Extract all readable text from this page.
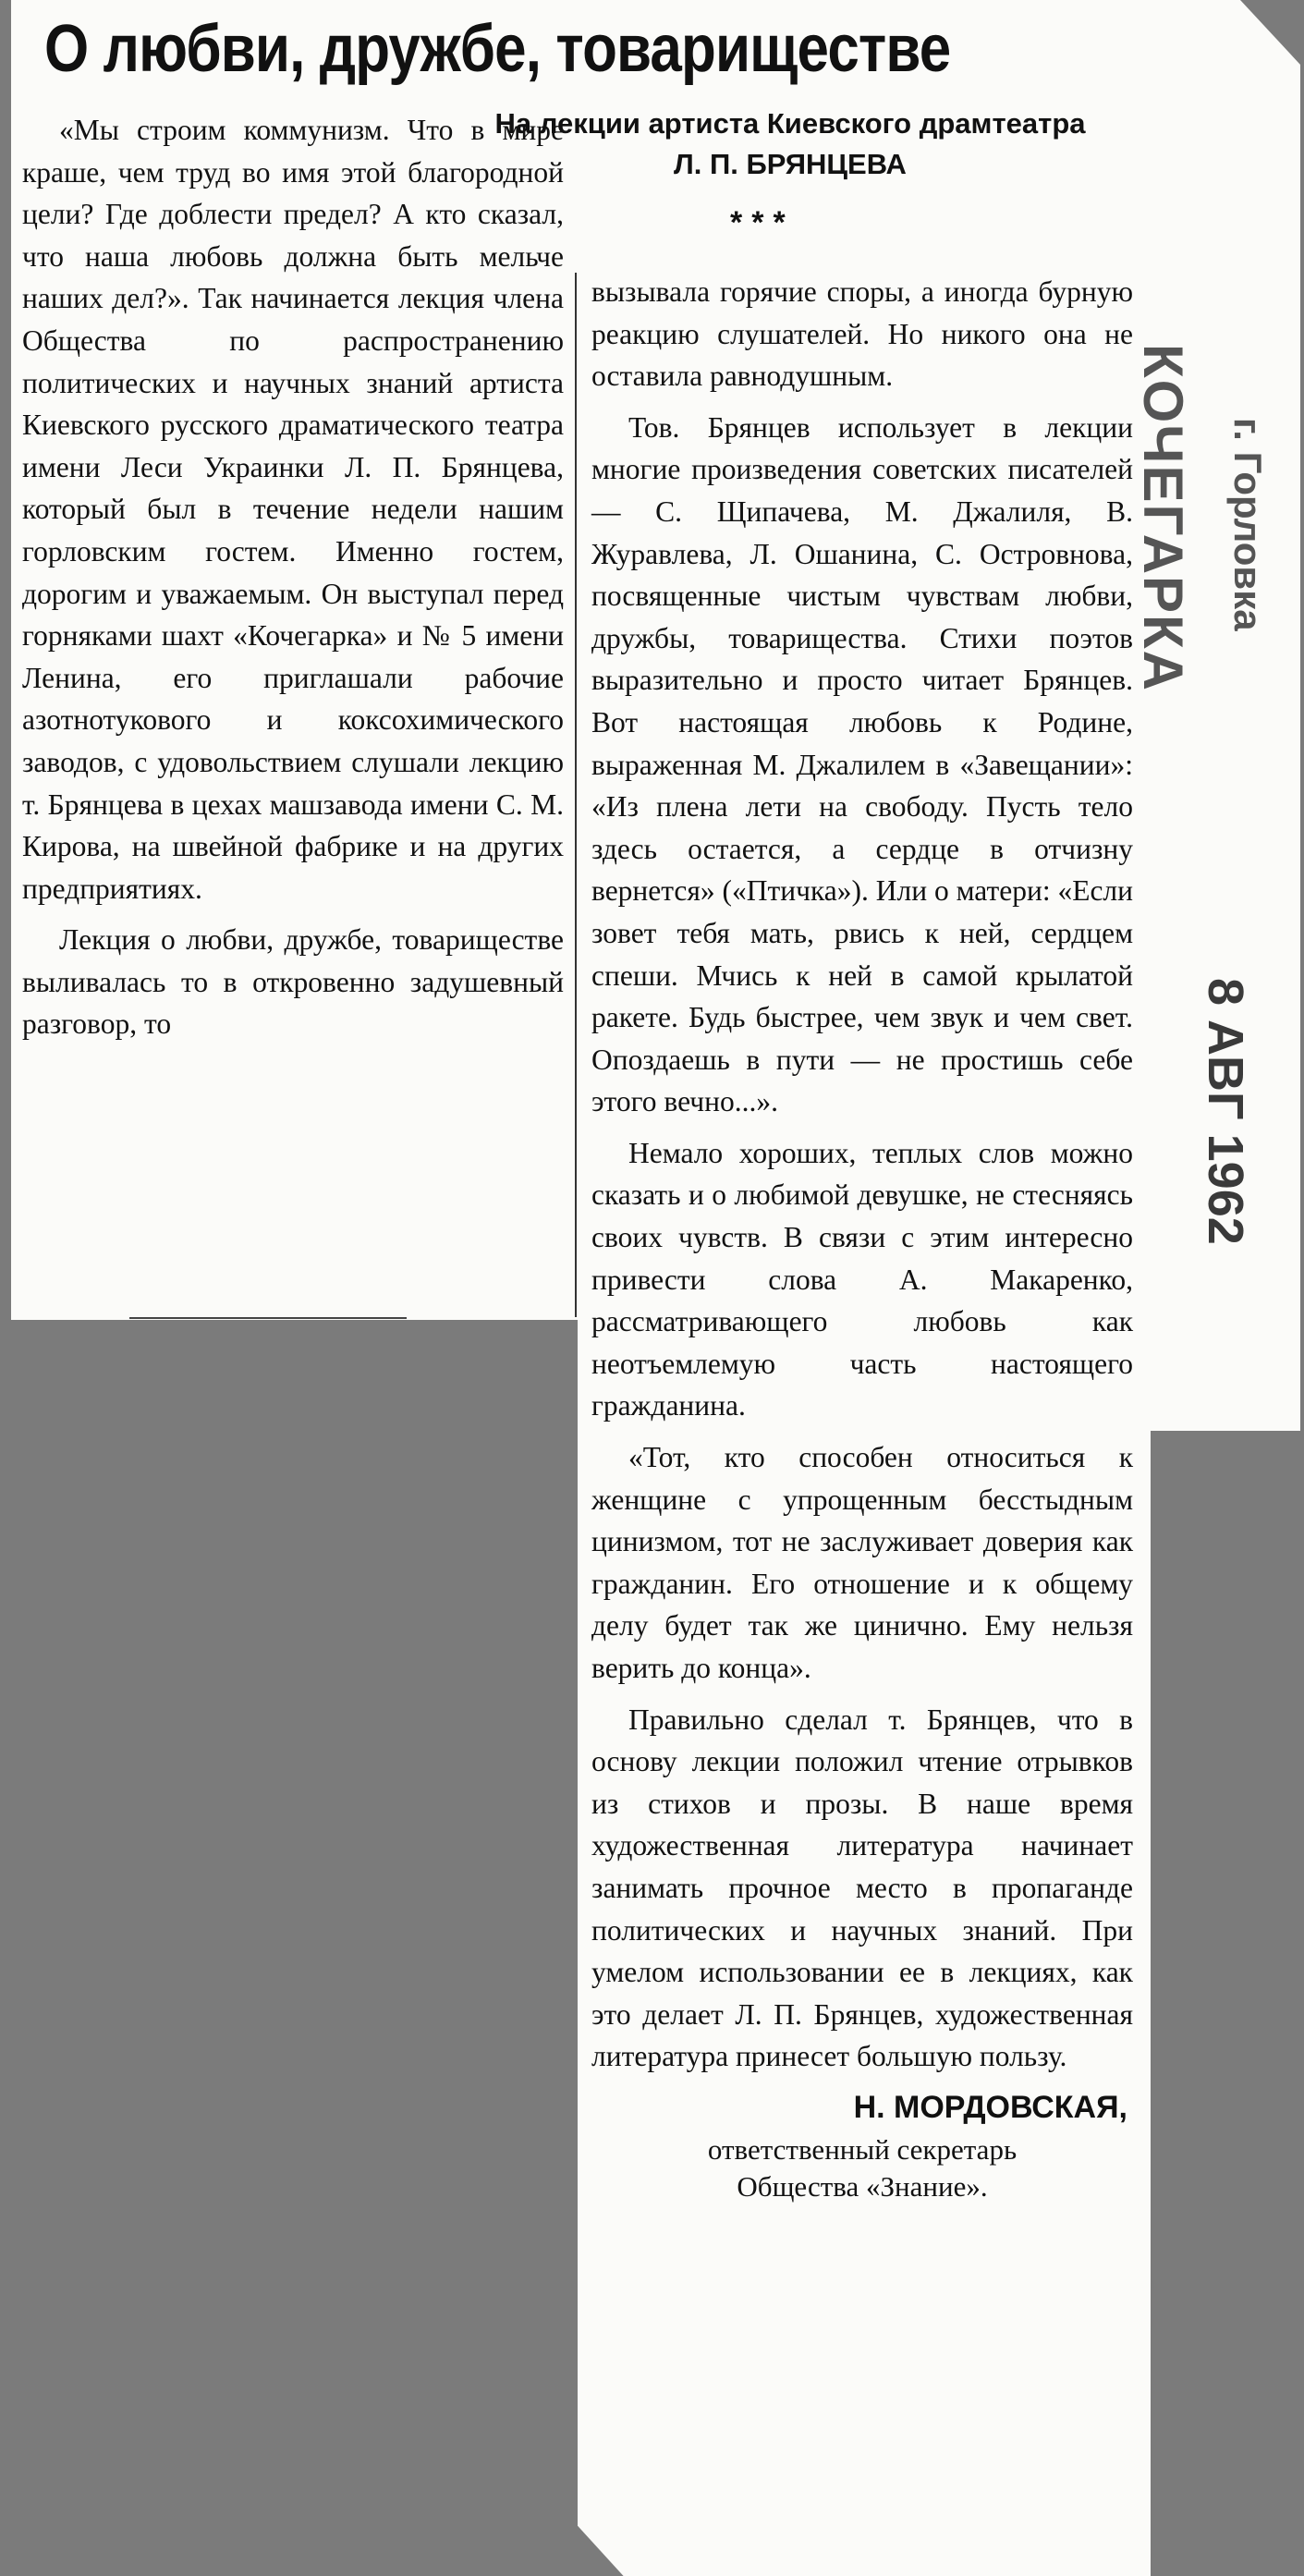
О любви, дружбе, товариществе
На лекции артиста Киевского драмтеатра
Л. П. БРЯНЦЕВА
***

«Мы строим коммунизм. Что в мире краше, чем труд во имя этой благородной цели? Где доблести предел? А кто сказал, что наша любовь должна быть мельче наших дел?». Так начинается лекция члена Общества по распространению политических и научных знаний артиста Киевского русского драматического театра имени Леси Украинки Л. П. Брянцева, который был в течение недели нашим горловским гостем. Именно гостем, дорогим и уважаемым. Он выступал перед горняками шахт «Кочегарка» и № 5 имени Ленина, его приглашали рабочие азотнотукового и коксохимического заводов, с удовольствием слушали лекцию т. Брянцева в цехах машзавода имени С. М. Кирова, на швейной фабрике и на других предприятиях.

Лекция о любви, дружбе, товариществе выливалась то в откровенно задушевный разговор, то

вызывала горячие споры, а иногда бурную реакцию слушателей. Но никого она не оставила равнодушным.

Тов. Брянцев использует в лекции многие произведения советских писателей — С. Щипачева, М. Джалиля, В. Журавлева, Л. Ошанина, С. Островнова, посвященные чистым чувствам любви, дружбы, товарищества. Стихи поэтов выразительно и просто читает Брянцев. Вот настоящая любовь к Родине, выраженная М. Джалилем в «Завещании»: «Из плена лети на свободу. Пусть тело здесь остается, а сердце в отчизну вернется» («Птичка»). Или о матери: «Если зовет тебя мать, рвись к ней, сердцем спеши. Мчись к ней в самой крылатой ракете. Будь быстрее, чем звук и чем свет. Опоздаешь в пути — не простишь себе этого вечно...».

Немало хороших, теплых слов можно сказать и о любимой девушке, не стесняясь своих чувств. В связи с этим интересно привести слова А. Макаренко, рассматривающего любовь как неотъемлемую часть настоящего гражданина.

«Тот, кто способен относиться к женщине с упрощенным бесстыдным цинизмом, тот не заслуживает доверия как гражданин. Его отношение и к общему делу будет так же цинично. Ему нельзя верить до конца».

Правильно сделал т. Брянцев, что в основу лекции положил чтение отрывков из стихов и прозы. В наше время художественная литература начинает занимать прочное место в пропаганде политических и научных знаний. При умелом использовании ее в лекциях, как это делает Л. П. Брянцев, художественная литература принесет большую пользу.

Н. МОРДОВСКАЯ,
ответственный секретарь
Общества «Знание».
КОЧЕГАРКА г. Горловка
8 АВГ 1962
